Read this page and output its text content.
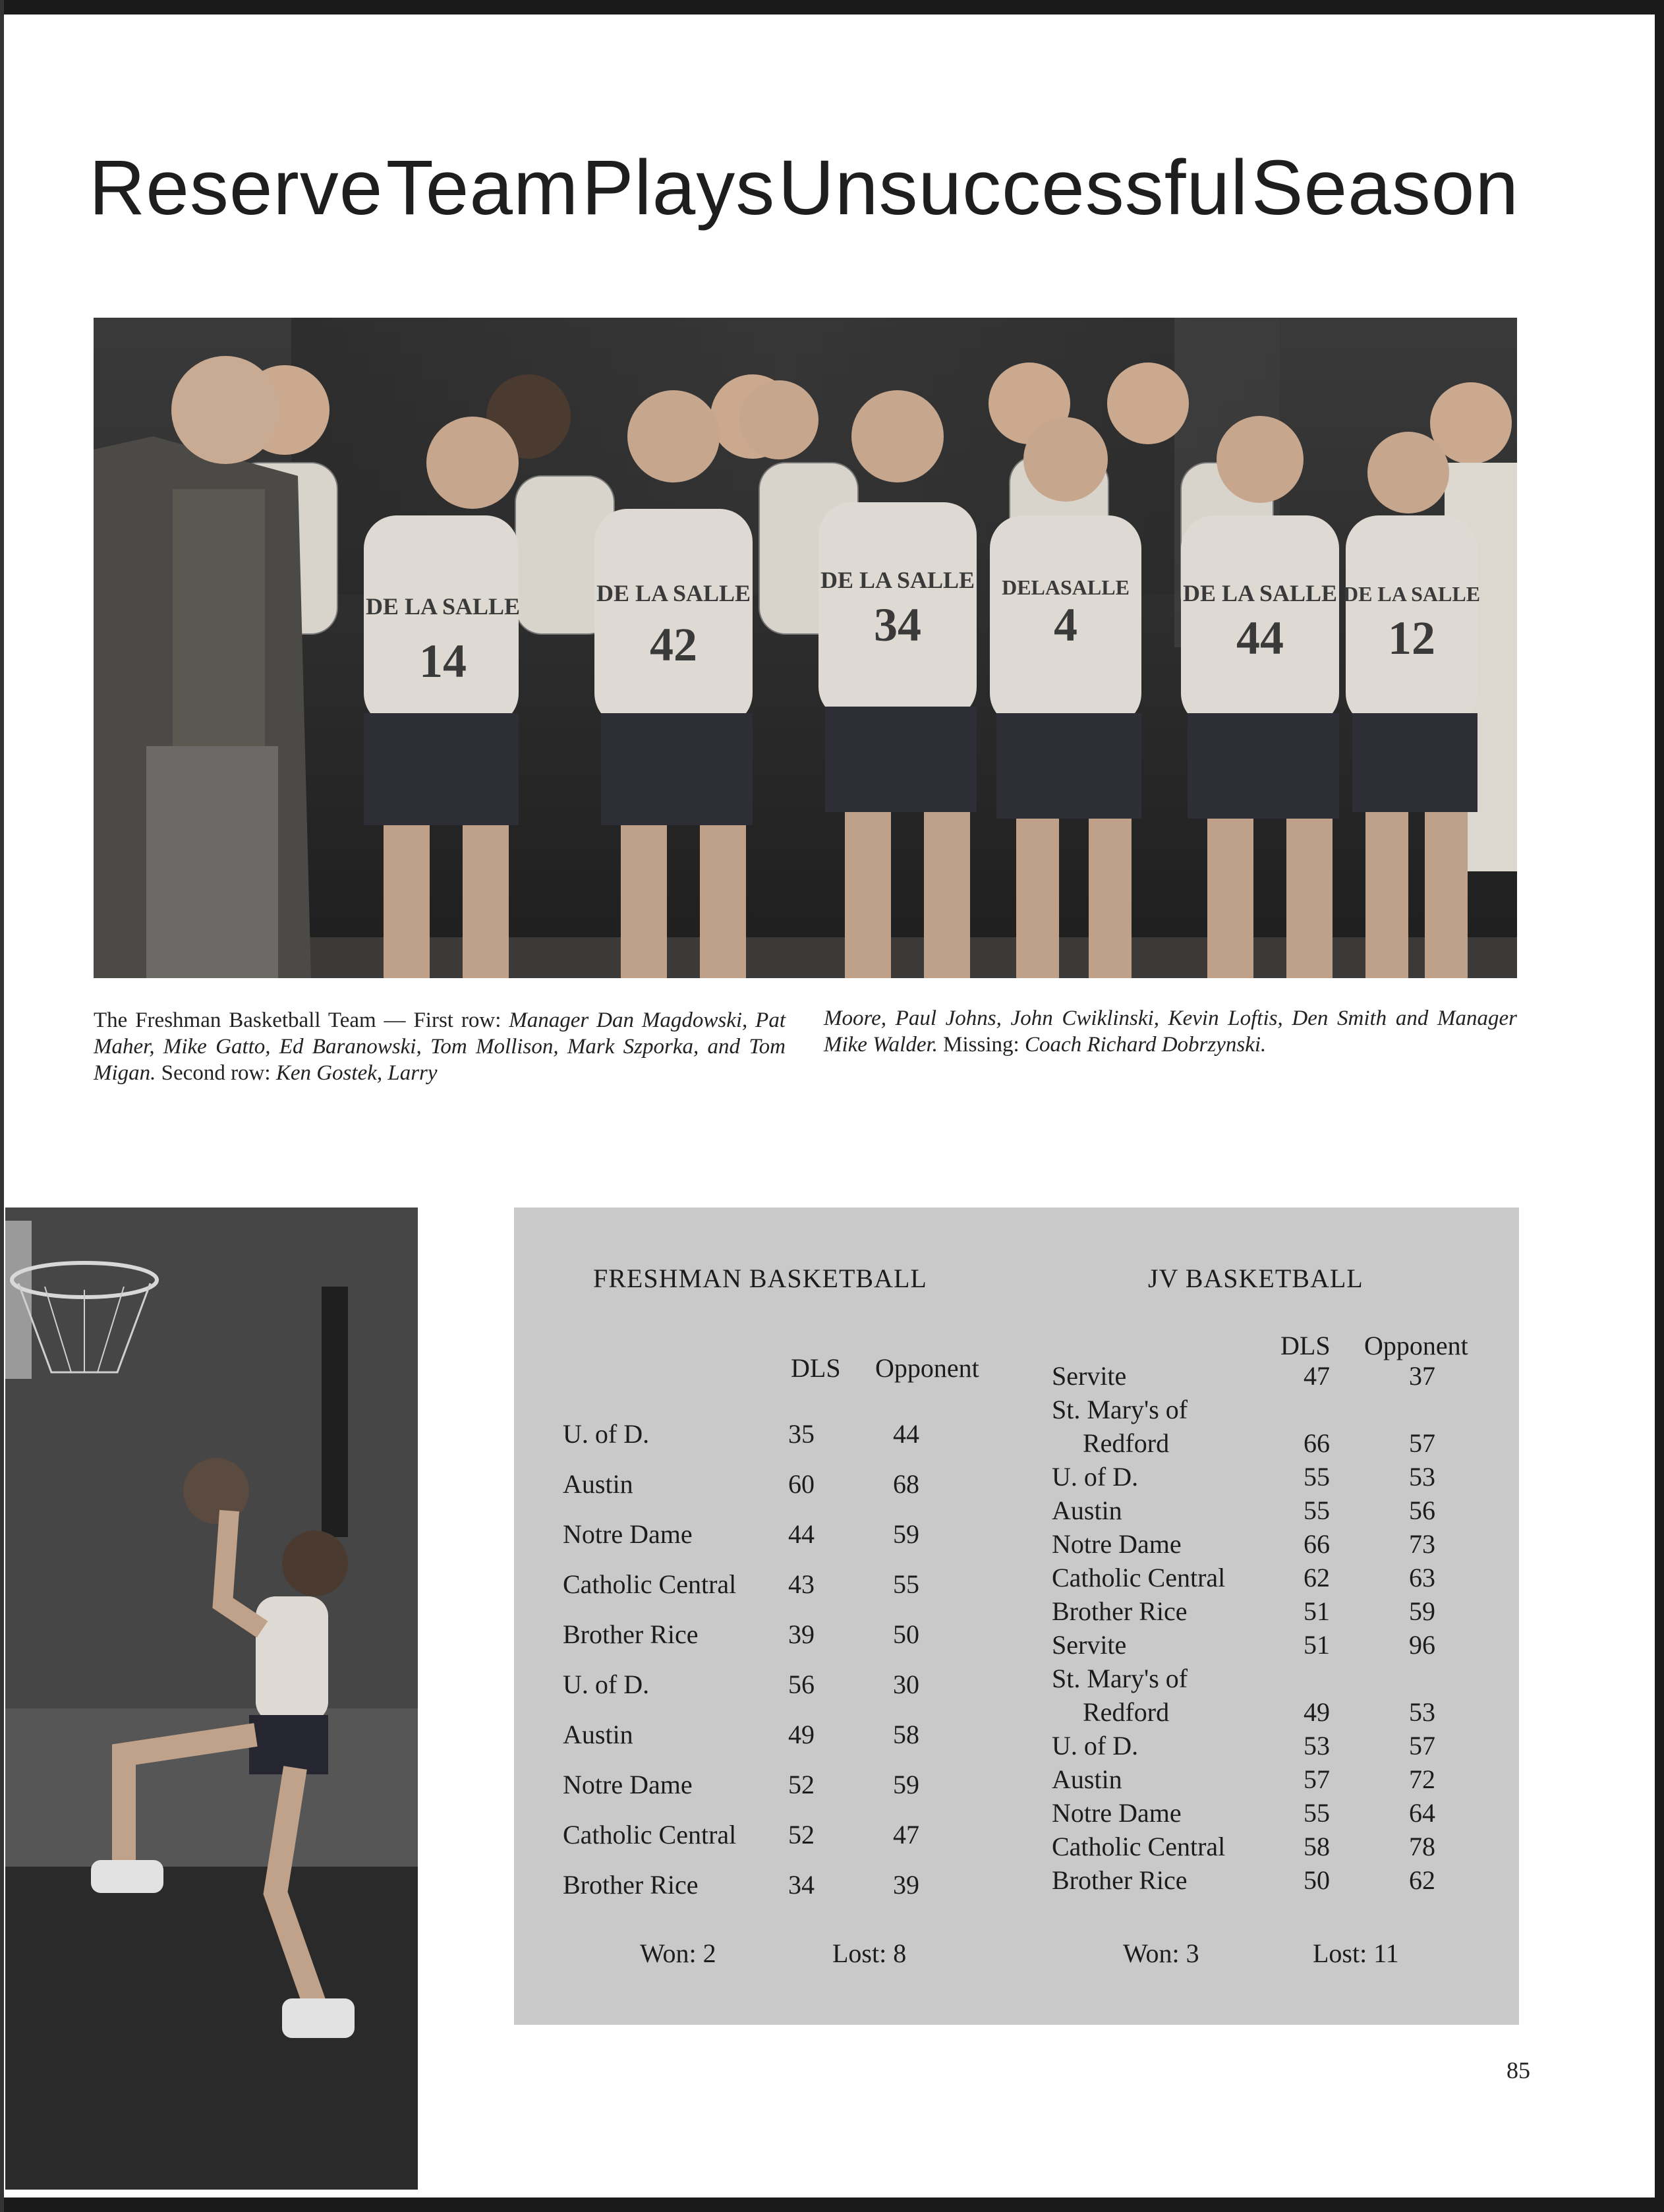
Reserve Team Plays Unsuccessful Season
DE LA SALLE
14
DE LA SALLE
42
DE LA SALLE
34
DELASALLE
4
DE LA SALLE
44
DE LA SALLE
12
The Freshman Basketball Team — First row: Manager Dan Magdowski, Pat Maher, Mike Gatto, Ed Baranowski, Tom Mollison, Mark Szporka, and Tom Migan. Second row: Ken Gostek, Larry
Moore, Paul Johns, John Cwiklinski, Kevin Loftis, Den Smith and Manager Mike Walder. Missing: Coach Richard Dobrzynski.
FRESHMAN BASKETBALL	JV BASKETBALL
DLS Opponent
DLS Opponent
U. of D.	35	44
Austin	60	68
Notre Dame	44	59
Catholic Central	43	55
Brother Rice	39	50
U. of D.	56	30
Austin	49	58
Notre Dame	52	59
Catholic Central	52	47
Brother Rice	34	39
Servite	47	37
St. Mary's of
Redford	66	57
U. of D.	55	53
Austin	55	56
Notre Dame	66	73
Catholic Central	62	63
Brother Rice	51	59
Servite	51	96
St. Mary's of
Redford	49	53
U. of D.	53	57
Austin	57	72
Notre Dame	55	64
Catholic Central	58	78
Brother Rice	50	62
Won: 2	Lost: 8	Won: 3	Lost: 11
85
